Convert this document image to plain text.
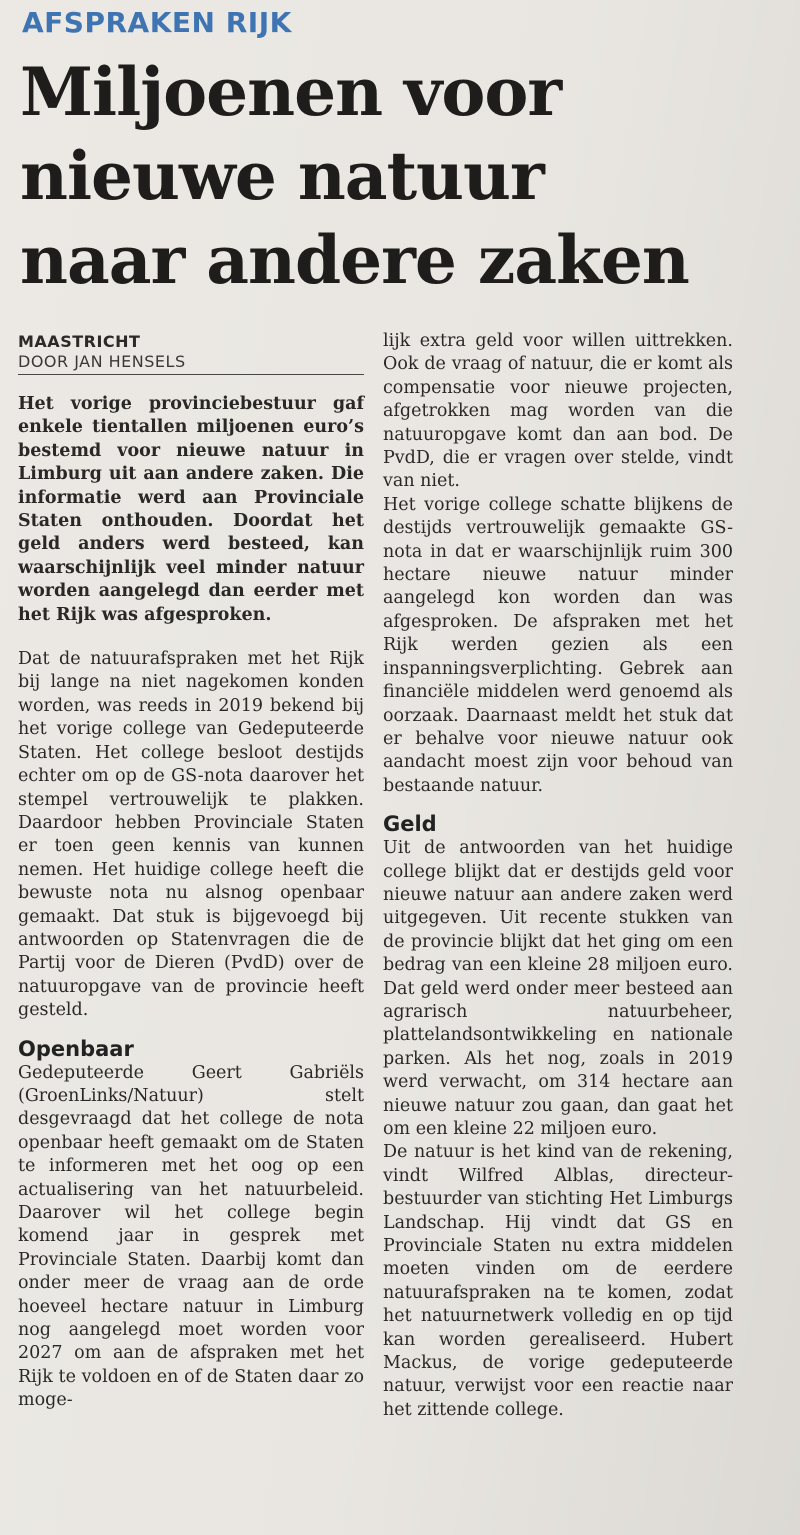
AFSPRAKEN RIJK
Miljoenen voor
nieuwe natuur
naar andere zaken
MAASTRICHT
DOOR JAN HENSELS

Het vorige provinciebestuur gaf enkele tientallen miljoenen euro’s bestemd voor nieuwe natuur in Limburg uit aan andere zaken. Die informatie werd aan Provinciale Staten onthouden. Doordat het geld anders werd besteed, kan waarschijnlijk veel minder natuur worden aangelegd dan eerder met het Rijk was afgesproken.

Dat de natuurafspraken met het Rijk bij lange na niet nagekomen konden worden, was reeds in 2019 bekend bij het vorige college van Gedeputeerde Staten. Het college besloot destijds echter om op de GS-nota daarover het stempel vertrouwelijk te plakken. Daardoor hebben Provinciale Staten er toen geen kennis van kunnen nemen. Het huidige college heeft die bewuste nota nu alsnog openbaar gemaakt. Dat stuk is bijgevoegd bij antwoorden op Statenvragen die de Partij voor de Dieren (PvdD) over de natuuropgave van de provincie heeft gesteld.

Openbaar

Gedeputeerde Geert Gabriëls (GroenLinks/Natuur) stelt desgevraagd dat het college de nota openbaar heeft gemaakt om de Staten te informeren met het oog op een actualisering van het natuurbeleid. Daarover wil het college begin komend jaar in gesprek met Provinciale Staten. Daarbij komt dan onder meer de vraag aan de orde hoeveel hectare natuur in Limburg nog aangelegd moet worden voor 2027 om aan de afspraken met het Rijk te voldoen en of de Staten daar zo moge-

lijk extra geld voor willen uittrekken. Ook de vraag of natuur, die er komt als compensatie voor nieuwe projecten, afgetrokken mag worden van die natuuropgave komt dan aan bod. De PvdD, die er vragen over stelde, vindt van niet.

Het vorige college schatte blijkens de destijds vertrouwelijk gemaakte GS-nota in dat er waarschijnlijk ruim 300 hectare nieuwe natuur minder aangelegd kon worden dan was afgesproken. De afspraken met het Rijk werden gezien als een inspanningsverplichting. Gebrek aan financiële middelen werd genoemd als oorzaak. Daarnaast meldt het stuk dat er behalve voor nieuwe natuur ook aandacht moest zijn voor behoud van bestaande natuur.

Geld

Uit de antwoorden van het huidige college blijkt dat er destijds geld voor nieuwe natuur aan andere zaken werd uitgegeven. Uit recente stukken van de provincie blijkt dat het ging om een bedrag van een kleine 28 miljoen euro. Dat geld werd onder meer besteed aan agrarisch natuurbeheer, plattelandsontwikkeling en nationale parken. Als het nog, zoals in 2019 werd verwacht, om 314 hectare aan nieuwe natuur zou gaan, dan gaat het om een kleine 22 miljoen euro.

De natuur is het kind van de rekening, vindt Wilfred Alblas, directeur-bestuurder van stichting Het Limburgs Landschap. Hij vindt dat GS en Provinciale Staten nu extra middelen moeten vinden om de eerdere natuurafspraken na te komen, zodat het natuurnetwerk volledig en op tijd kan worden gerealiseerd. Hubert Mackus, de vorige gedeputeerde natuur, verwijst voor een reactie naar het zittende college.
